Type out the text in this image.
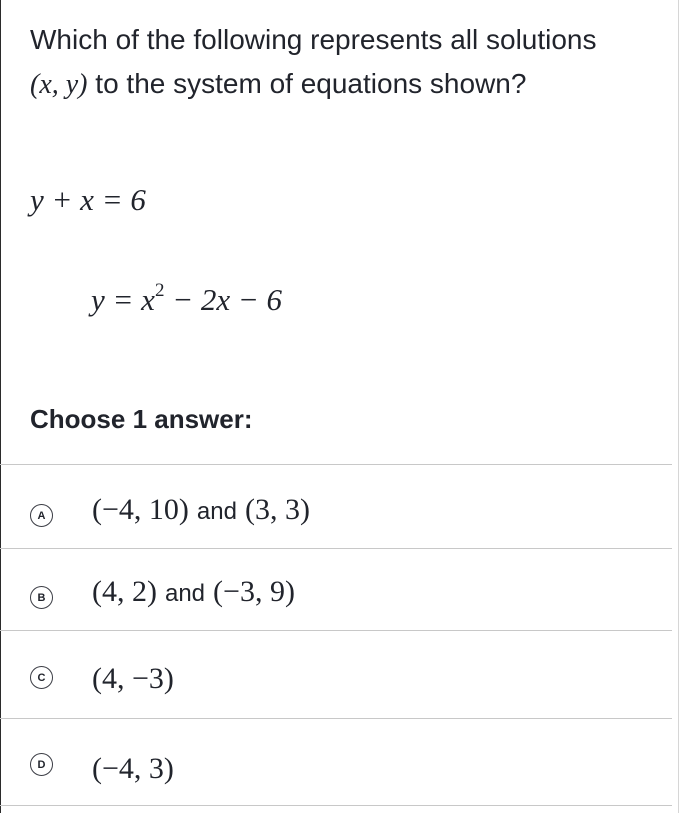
Which of the following represents all solutions
(x, y) to the system of equations shown?
y + x = 6
$y = x^2 - 2x - 6$
Choose 1 answer:
A (−4, 10) and (3, 3)
B (4, 2) and (−3, 9)
C (4, −3)
D (−4, 3)
